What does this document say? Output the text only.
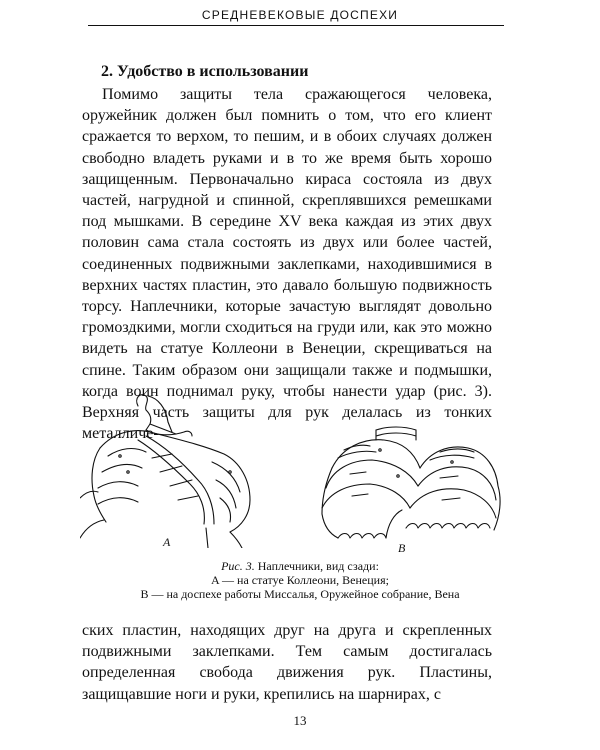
СРЕДНЕВЕКОВЫЕ ДОСПЕХИ
2. Удобство в использовании

Помимо защиты тела сражающегося человека, оружейник должен был помнить о том, что его клиент сражается то верхом, то пешим, и в обоих случаях должен свободно владеть руками и в то же время быть хорошо защищенным. Первоначально кираса состояла из двух частей, нагрудной и спинной, скреплявшихся ремешками под мышками. В середине XV века каждая из этих двух половин сама стала состоять из двух или более частей, соединенных подвижными заклепками, находившимися в верхних частях пластин, это давало большую подвижность торсу. Наплечники, которые зачастую выглядят довольно громоздкими, могли сходиться на груди или, как это можно видеть на статуе Коллеони в Венеции, скрещиваться на спине. Таким образом они защищали также и подмышки, когда воин поднимал руку, чтобы нанести удар (рис. 3). Верхняя часть защиты для рук делалась из тонких металличе-

A	B
Рис. 3. Наплечники, вид сзади:
A — на статуе Коллеони, Венеция;
B — на доспехе работы Миссалья, Оружейное собрание, Вена

ских пластин, находящих друг на друга и скрепленных подвижными заклепками. Тем самым достигалась определенная свобода движения рук. Пластины, защищавшие ноги и руки, крепились на шарнирах, с

13
